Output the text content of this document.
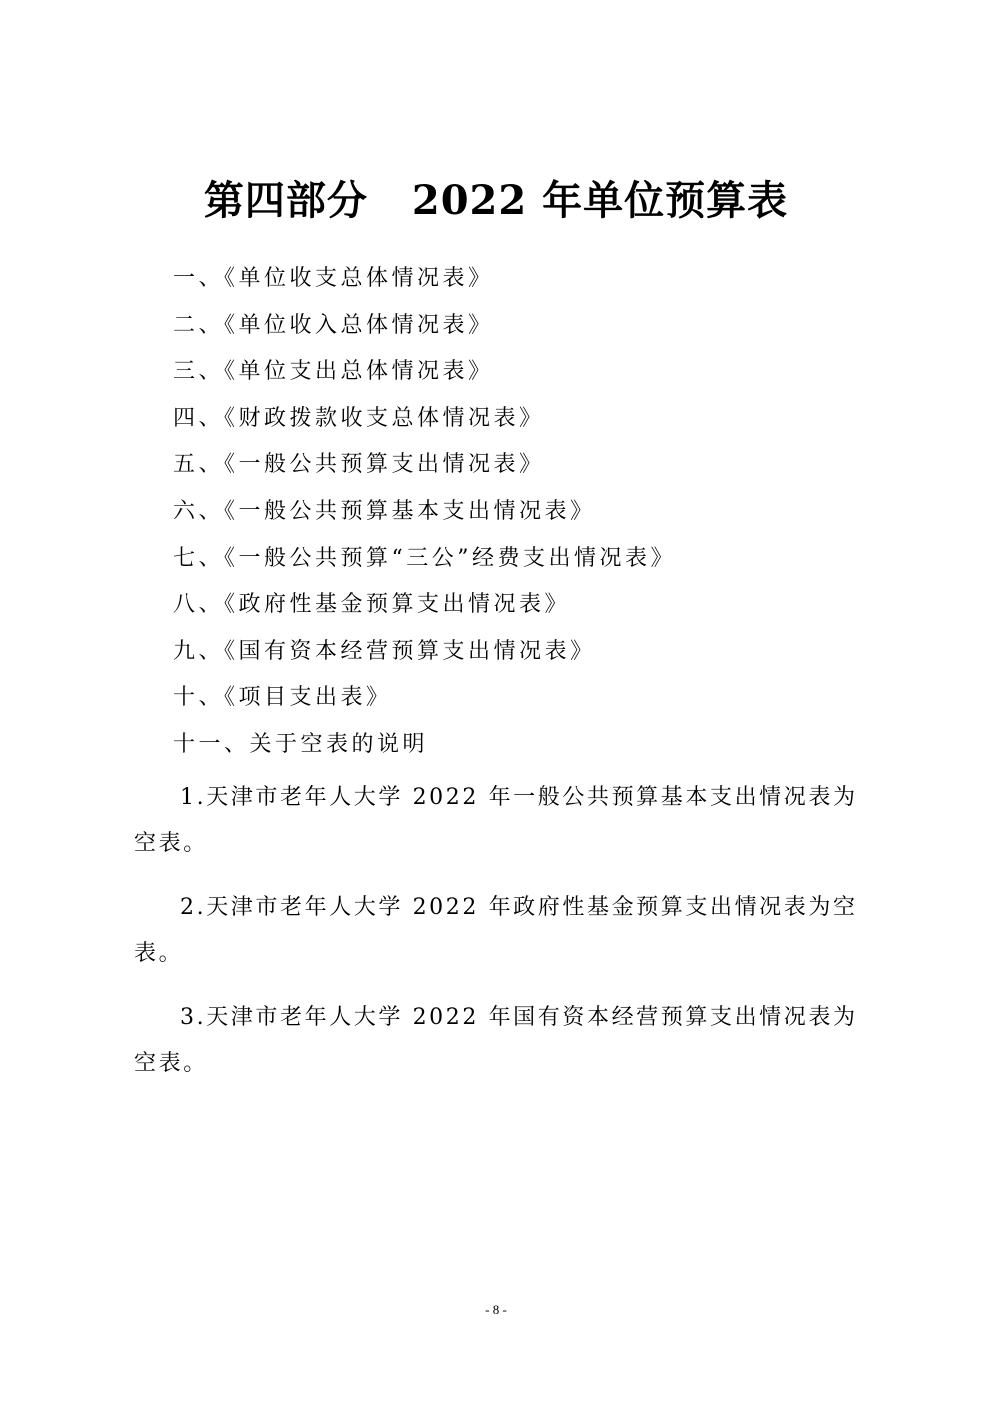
第四部分 2022 年单位预算表
一、《单位收支总体情况表》
二、《单位收入总体情况表》
三、《单位支出总体情况表》
四、《财政拨款收支总体情况表》
五、《一般公共预算支出情况表》
六、《一般公共预算基本支出情况表》
七、《一般公共预算“三公”经费支出情况表》
八、《政府性基金预算支出情况表》
九、《国有资本经营预算支出情况表》
十、《项目支出表》
十一、关于空表的说明

1.天津市老年人大学 2022 年一般公共预算基本支出情况表为空表。

2.天津市老年人大学 2022 年政府性基金预算支出情况表为空表。

3.天津市老年人大学 2022 年国有资本经营预算支出情况表为空表。

- 8 -
